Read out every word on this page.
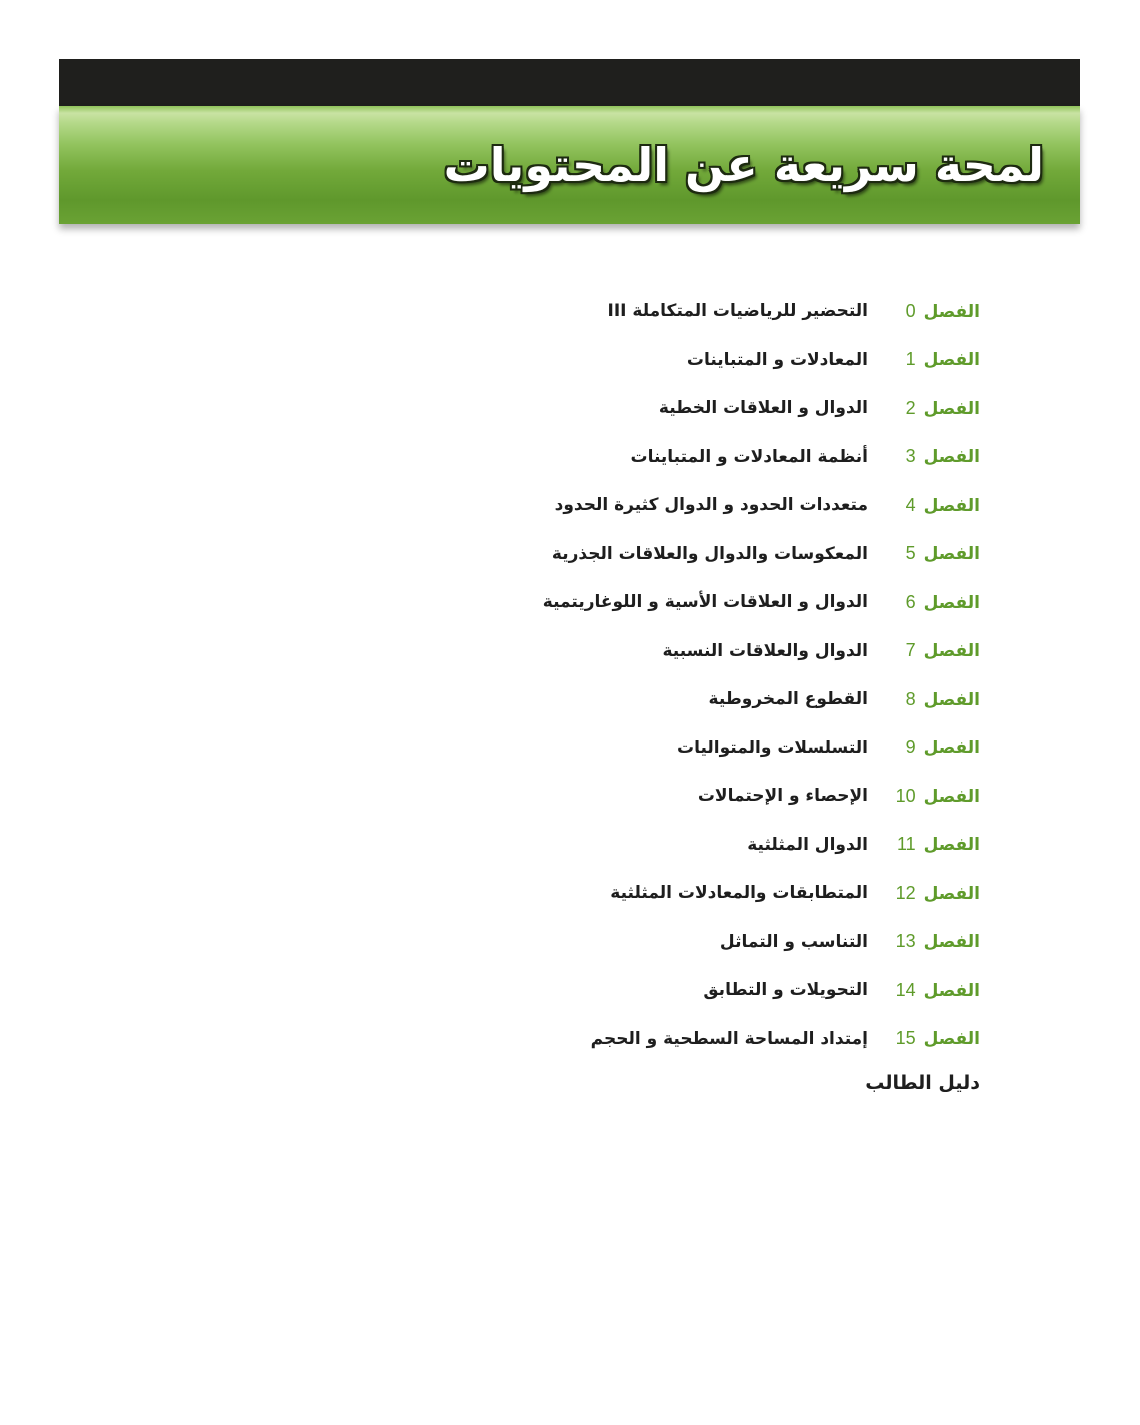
لمحة سريعة عن المحتويات
الفصل
0
التحضير للرياضيات المتكاملة III
الفصل
1
المعادلات و المتباينات
الفصل
2
الدوال و العلاقات الخطية
الفصل
3
أنظمة المعادلات و المتباينات
الفصل
4
متعددات الحدود و الدوال كثيرة الحدود
الفصل
5
المعكوسات والدوال والعلاقات الجذرية
الفصل
6
الدوال و العلاقات الأسية و اللوغاريتمية
الفصل
7
الدوال والعلاقات النسبية
الفصل
8
القطوع المخروطية
الفصل
9
التسلسلات والمتواليات
الفصل
10
الإحصاء و الإحتمالات
الفصل
11
الدوال المثلثية
الفصل
12
المتطابقات والمعادلات المثلثية
الفصل
13
التناسب و التماثل
الفصل
14
التحويلات و التطابق
الفصل
15
إمتداد المساحة السطحية و الحجم

دليل الطالب
